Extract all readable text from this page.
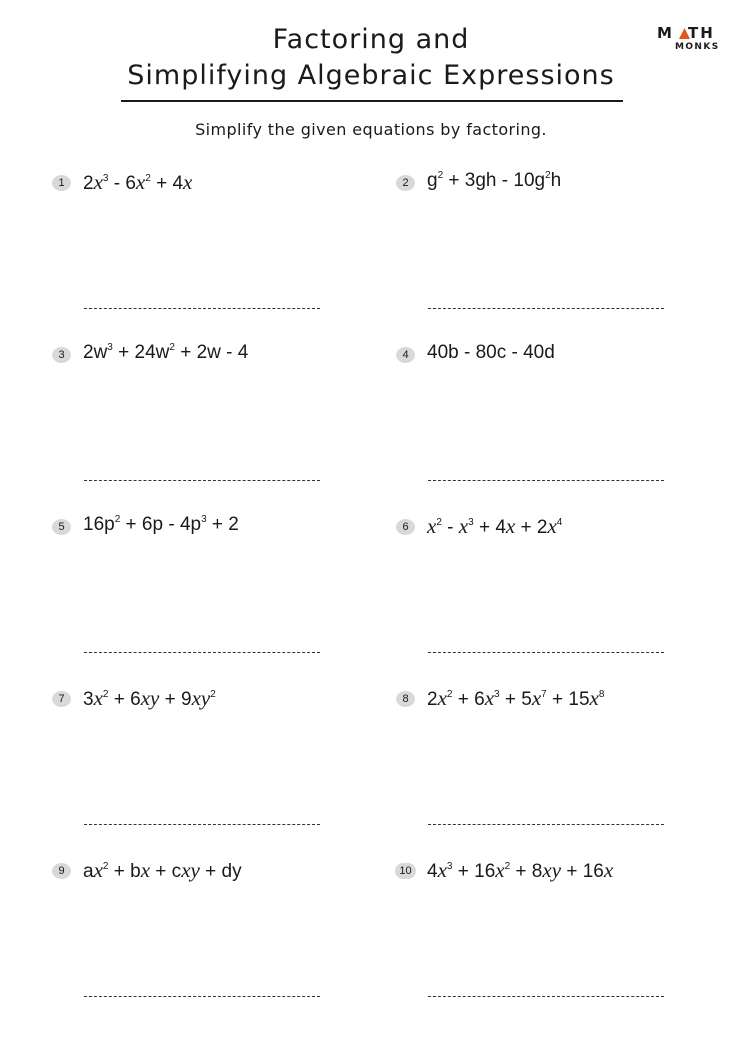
Factoring and
Simplifying Algebraic Expressions
M TH
MONKS
Simplify the given equations by factoring.
1 $2x^3 - 6x^2 + 4x$	2 $g^2 + 3gh - 10g^2h$
3 $2w^3 + 24w^2 + 2w - 4$	4 40b - 80c - 40d
5 $16p^2 + 6p - 4p^3 + 2$	6 $x^2 - x^3 + 4x + 2x^4$
7 $3x^2 + 6xy + 9xy^2$	8 $2x^2 + 6x^3 + 5x^7 + 15x^8$
9 $ax^2$ + bx + cxy + dy	10 $4x^3 + 16x^2 + 8xy + 16x$
